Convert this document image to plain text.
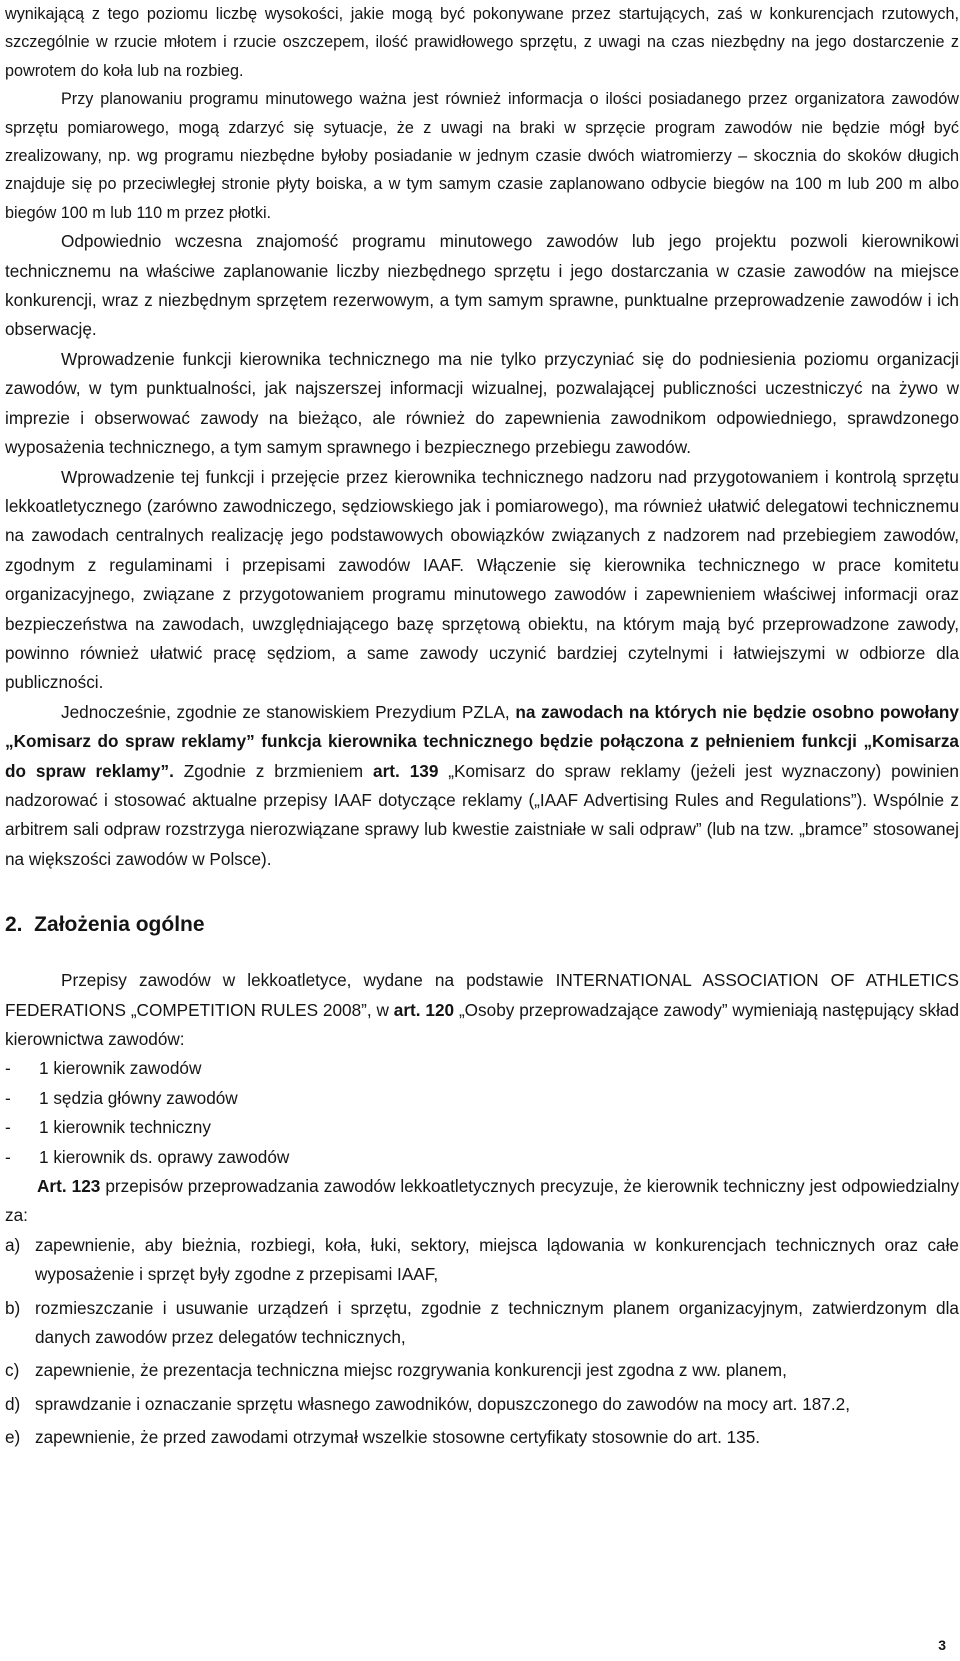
wynikającą z tego poziomu liczbę wysokości, jakie mogą być pokonywane przez startujących, zaś w konkurencjach rzutowych, szczególnie w rzucie młotem i rzucie oszczepem, ilość prawidłowego sprzętu, z uwagi na czas niezbędny na jego dostarczenie z powrotem do koła lub na rozbieg.

Przy planowaniu programu minutowego ważna jest również informacja o ilości posiadanego przez organizatora zawodów sprzętu pomiarowego, mogą zdarzyć się sytuacje, że z uwagi na braki w sprzęcie program zawodów nie będzie mógł być zrealizowany, np. wg programu niezbędne byłoby posiadanie w jednym czasie dwóch wiatromierzy – skocznia do skoków długich znajduje się po przeciwległej stronie płyty boiska, a w tym samym czasie zaplanowano odbycie biegów na 100 m lub 200 m albo biegów 100 m lub 110 m przez płotki.

Odpowiednio wczesna znajomość programu minutowego zawodów lub jego projektu pozwoli kierownikowi technicznemu na właściwe zaplanowanie liczby niezbędnego sprzętu i jego dostarczania w czasie zawodów na miejsce konkurencji, wraz z niezbędnym sprzętem rezerwowym, a tym samym sprawne, punktualne przeprowadzenie zawodów i ich obserwację.

Wprowadzenie funkcji kierownika technicznego ma nie tylko przyczyniać się do podniesienia poziomu organizacji zawodów, w tym punktualności, jak najszerszej informacji wizualnej, pozwalającej publiczności uczestniczyć na żywo w imprezie i obserwować zawody na bieżąco, ale również do zapewnienia zawodnikom odpowiedniego, sprawdzonego wyposażenia technicznego, a tym samym sprawnego i bezpiecznego przebiegu zawodów.

Wprowadzenie tej funkcji i przejęcie przez kierownika technicznego nadzoru nad przygotowaniem i kontrolą sprzętu lekkoatletycznego (zarówno zawodniczego, sędziowskiego jak i pomiarowego), ma również ułatwić delegatowi technicznemu na zawodach centralnych realizację jego podstawowych obowiązków związanych z nadzorem nad przebiegiem zawodów, zgodnym z regulaminami i przepisami zawodów IAAF. Włączenie się kierownika technicznego w prace komitetu organizacyjnego, związane z przygotowaniem programu minutowego zawodów i zapewnieniem właściwej informacji oraz bezpieczeństwa na zawodach, uwzględniającego bazę sprzętową obiektu, na którym mają być przeprowadzone zawody, powinno również ułatwić pracę sędziom, a same zawody uczynić bardziej czytelnymi i łatwiejszymi w odbiorze dla publiczności.

Jednocześnie, zgodnie ze stanowiskiem Prezydium PZLA, na zawodach na których nie będzie osobno powołany „Komisarz do spraw reklamy” funkcja kierownika technicznego będzie połączona z pełnieniem funkcji „Komisarza do spraw reklamy”. Zgodnie z brzmieniem art. 139 „Komisarz do spraw reklamy (jeżeli jest wyznaczony) powinien nadzorować i stosować aktualne przepisy IAAF dotyczące reklamy („IAAF Advertising Rules and Regulations”). Wspólnie z arbitrem sali odpraw rozstrzyga nierozwiązane sprawy lub kwestie zaistniałe w sali odpraw” (lub na tzw. „bramce” stosowanej na większości zawodów w Polsce).

2.  Założenia ogólne

Przepisy zawodów w lekkoatletyce, wydane na podstawie INTERNATIONAL ASSOCIATION OF ATHLETICS FEDERATIONS „COMPETITION RULES 2008”, w art. 120 „Osoby przeprowadzające zawody” wymieniają następujący skład kierownictwa zawodów:

- 1 kierownik zawodów
- 1 sędzia główny zawodów
- 1 kierownik techniczny
- 1 kierownik ds. oprawy zawodów

Art. 123 przepisów przeprowadzania zawodów lekkoatletycznych precyzuje, że kierownik techniczny jest odpowiedzialny za:

a) zapewnienie, aby bieżnia, rozbiegi, koła, łuki, sektory, miejsca lądowania w konkurencjach technicznych oraz całe wyposażenie i sprzęt były zgodne z przepisami IAAF,
b) rozmieszczanie i usuwanie urządzeń i sprzętu, zgodnie z technicznym planem organizacyjnym, zatwierdzonym dla danych zawodów przez delegatów technicznych,
c) zapewnienie, że prezentacja techniczna miejsc rozgrywania konkurencji jest zgodna z ww. planem,
d) sprawdzanie i oznaczanie sprzętu własnego zawodników, dopuszczonego do zawodów na mocy art. 187.2,
e) zapewnienie, że przed zawodami otrzymał wszelkie stosowne certyfikaty stosownie do art. 135.
3
